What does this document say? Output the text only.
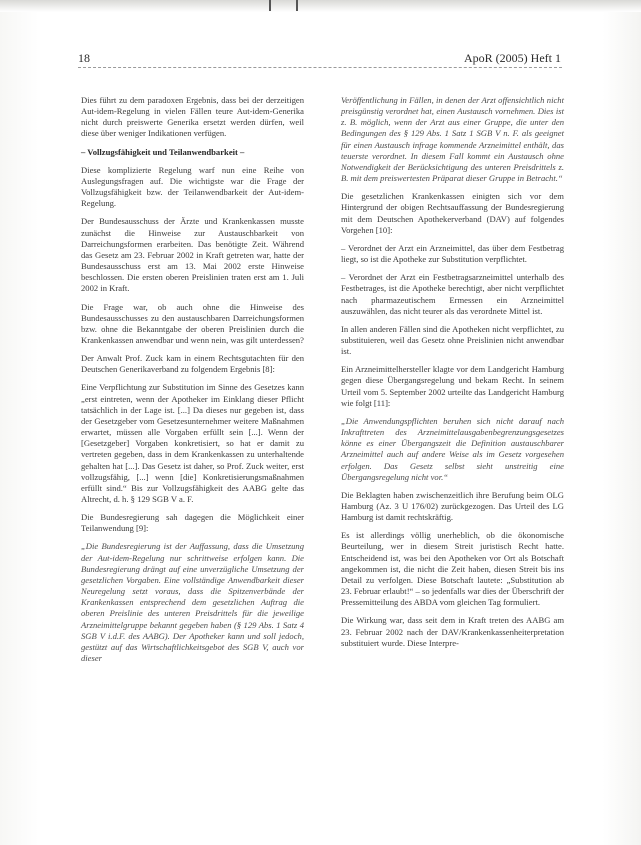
18	ApoR (2005) Heft 1

Dies führt zu dem paradoxen Ergebnis, dass bei der derzeitigen Aut-idem-Regelung in vielen Fällen teure Aut-idem-Generika nicht durch preiswerte Generika ersetzt werden dürfen, weil diese über weniger Indikationen verfügen.

– Vollzugsfähigkeit und Teilanwendbarkeit –

Diese komplizierte Regelung warf nun eine Reihe von Auslegungsfragen auf. Die wichtigste war die Frage der Vollzugsfähigkeit bzw. der Teilanwendbarkeit der Aut-idem-Regelung.

Der Bundesausschuss der Ärzte und Krankenkassen musste zunächst die Hinweise zur Austauschbarkeit von Darreichungsformen erarbeiten. Das benötigte Zeit. Während das Gesetz am 23. Februar 2002 in Kraft getreten war, hatte der Bundesausschuss erst am 13. Mai 2002 erste Hinweise beschlossen. Die ersten oberen Preislinien traten erst am 1. Juli 2002 in Kraft.

Die Frage war, ob auch ohne die Hinweise des Bundesausschusses zu den austauschbaren Darreichungsformen bzw. ohne die Bekanntgabe der oberen Preislinien durch die Krankenkassen anwendbar und wenn nein, was gilt unterdessen?

Der Anwalt Prof. Zuck kam in einem Rechtsgutachten für den Deutschen Generikaverband zu folgendem Ergebnis [8]:

Eine Verpflichtung zur Substitution im Sinne des Gesetzes kann „erst eintreten, wenn der Apotheker im Einklang dieser Pflicht tatsächlich in der Lage ist. [...] Da dieses nur gegeben ist, dass der Gesetzgeber vom Gesetzesunternehmer weitere Maßnahmen erwartet, müssen alle Vorgaben erfüllt sein [...]. Wenn der [Gesetzgeber] Vorgaben konkretisiert, so hat er damit zu vertreten gegeben, dass in dem Krankenkassen zu unterhaltende gehalten hat [...]. Das Gesetz ist daher, so Prof. Zuck weiter, erst vollzugsfähig, [...] wenn [die] Konkretisierungsmaßnahmen erfüllt sind.“ Bis zur Vollzugsfähigkeit des AABG gelte das Altrecht, d. h. § 129 SGB V a. F.

Die Bundesregierung sah dagegen die Möglichkeit einer Teilanwendung [9]:

„Die Bundesregierung ist der Auffassung, dass die Umsetzung der Aut-idem-Regelung nur schrittweise erfolgen kann. Die Bundesregierung drängt auf eine unverzügliche Umsetzung der gesetzlichen Vorgaben. Eine vollständige Anwendbarkeit dieser Neuregelung setzt voraus, dass die Spitzenverbände der Krankenkassen entsprechend dem gesetzlichen Auftrag die oberen Preislinie des unteren Preisdrittels für die jeweilige Arzneimittelgruppe bekannt gegeben haben (§ 129 Abs. 1 Satz 4 SGB V i.d.F. des AABG). Der Apotheker kann und soll jedoch, gestützt auf das Wirtschaftlichkeitsgebot des SGB V, auch vor dieser

Veröffentlichung in Fällen, in denen der Arzt offensichtlich nicht preisgünstig verordnet hat, einen Austausch vornehmen. Dies ist z. B. möglich, wenn der Arzt aus einer Gruppe, die unter den Bedingungen des § 129 Abs. 1 Satz 1 SGB V n. F. als geeignet für einen Austausch infrage kommende Arzneimittel enthält, das teuerste verordnet. In diesem Fall kommt ein Austausch ohne Notwendigkeit der Berücksichtigung des unteren Preisdrittels z. B. mit dem preiswertesten Präparat dieser Gruppe in Betracht.“

Die gesetzlichen Krankenkassen einigten sich vor dem Hintergrund der obigen Rechtsauffassung der Bundesregierung mit dem Deutschen Apothekerverband (DAV) auf folgendes Vorgehen [10]:

– Verordnet der Arzt ein Arzneimittel, das über dem Festbetrag liegt, so ist die Apotheke zur Substitution verpflichtet.

– Verordnet der Arzt ein Festbetragsarzneimittel unterhalb des Festbetrages, ist die Apotheke berechtigt, aber nicht verpflichtet nach pharmazeutischem Ermessen ein Arzneimittel auszuwählen, das nicht teurer als das verordnete Mittel ist.

In allen anderen Fällen sind die Apotheken nicht verpflichtet, zu substituieren, weil das Gesetz ohne Preislinien nicht anwendbar ist.

Ein Arzneimittelhersteller klagte vor dem Landgericht Hamburg gegen diese Übergangsregelung und bekam Recht. In seinem Urteil vom 5. September 2002 urteilte das Landgericht Hamburg wie folgt [11]:

„Die Anwendungspflichten beruhen sich nicht darauf nach Inkrafttreten des Arzneimittelausgabenbegrenzungsgesetzes könne es einer Übergangszeit die Definition austauschbarer Arzneimittel auch auf andere Weise als im Gesetz vorgesehen erfolgen. Das Gesetz selbst sieht unstreitig eine Übergangsregelung nicht vor.“

Die Beklagten haben zwischenzeitlich ihre Berufung beim OLG Hamburg (Az. 3 U 176/02) zurückgezogen. Das Urteil des LG Hamburg ist damit rechtskräftig.

Es ist allerdings völlig unerheblich, ob die ökonomische Beurteilung, wer in diesem Streit juristisch Recht hatte. Entscheidend ist, was bei den Apotheken vor Ort als Botschaft angekommen ist, die nicht die Zeit haben, diesen Streit bis ins Detail zu verfolgen. Diese Botschaft lautete: „Substitution ab 23. Februar erlaubt!“ – so jedenfalls war dies der Überschrift der Pressemitteilung des ABDA vom gleichen Tag formuliert.

Die Wirkung war, dass seit dem in Kraft treten des AABG am 23. Februar 2002 nach der DAV/Krankenkassenheiterpretation substituiert wurde. Diese Interpre-
